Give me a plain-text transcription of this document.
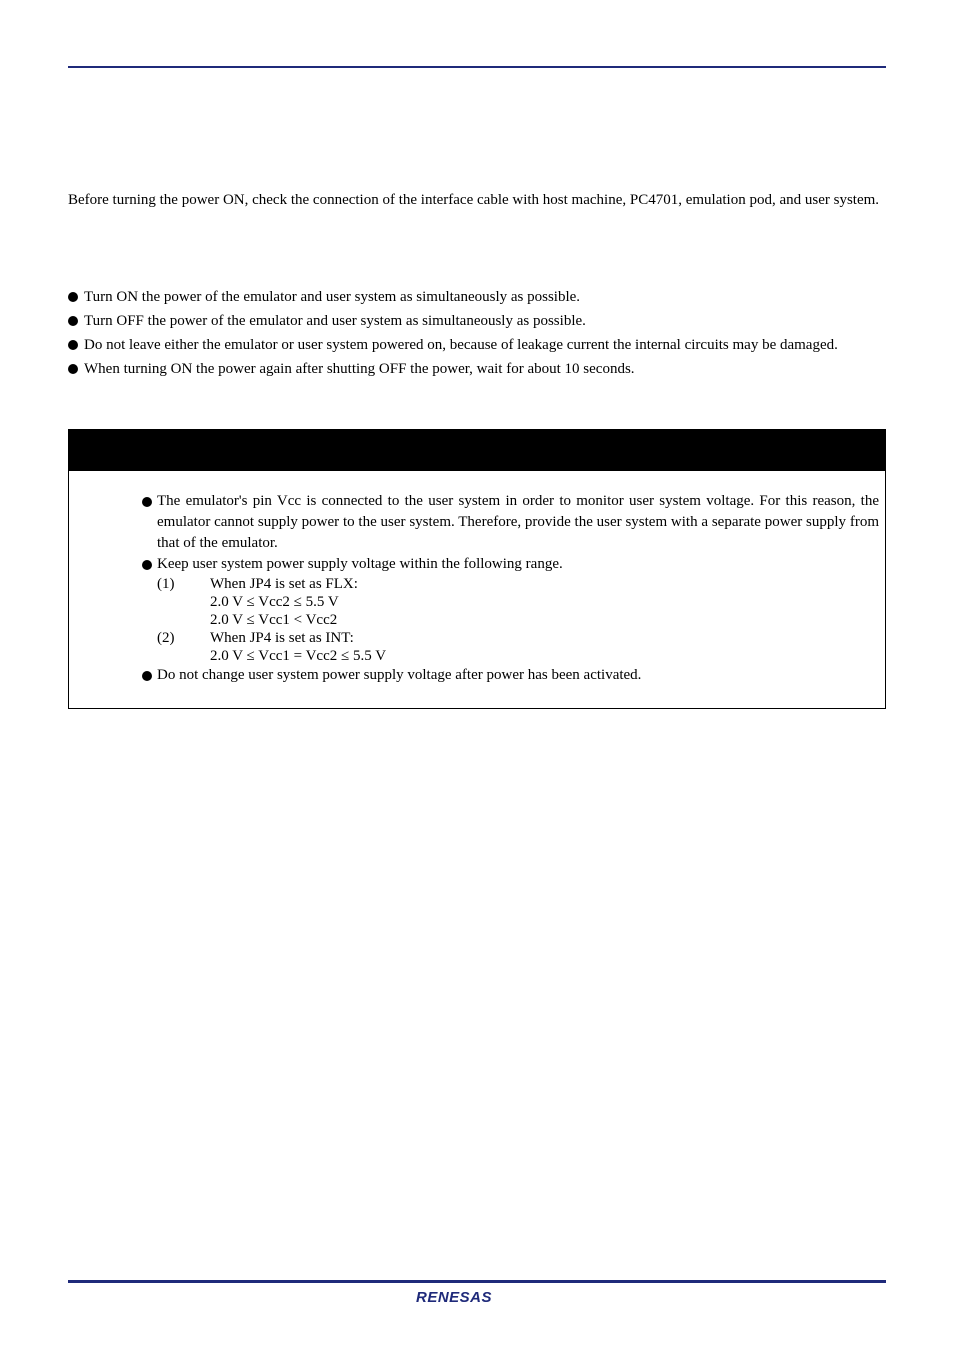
Before turning the power ON, check the connection of the interface cable with host machine, PC4701, emulation pod, and user system.

Turn ON the power of the emulator and user system as simultaneously as possible.
Turn OFF the power of the emulator and user system as simultaneously as possible.
Do not leave either the emulator or user system powered on, because of leakage current the internal circuits may be damaged.
When turning ON the power again after shutting OFF the power, wait for about 10 seconds.
The emulator's pin Vcc is connected to the user system in order to monitor user system voltage. For this reason, the emulator cannot supply power to the user system. Therefore, provide the user system with a separate power supply from that of the emulator.
Keep user system power supply voltage within the following range.
(1) When JP4 is set as FLX:
2.0 V ≤ Vcc2 ≤ 5.5 V
2.0 V ≤ Vcc1 < Vcc2
(2) When JP4 is set as INT:
2.0 V ≤ Vcc1 = Vcc2 ≤ 5.5 V
Do not change user system power supply voltage after power has been activated.
RENESAS
